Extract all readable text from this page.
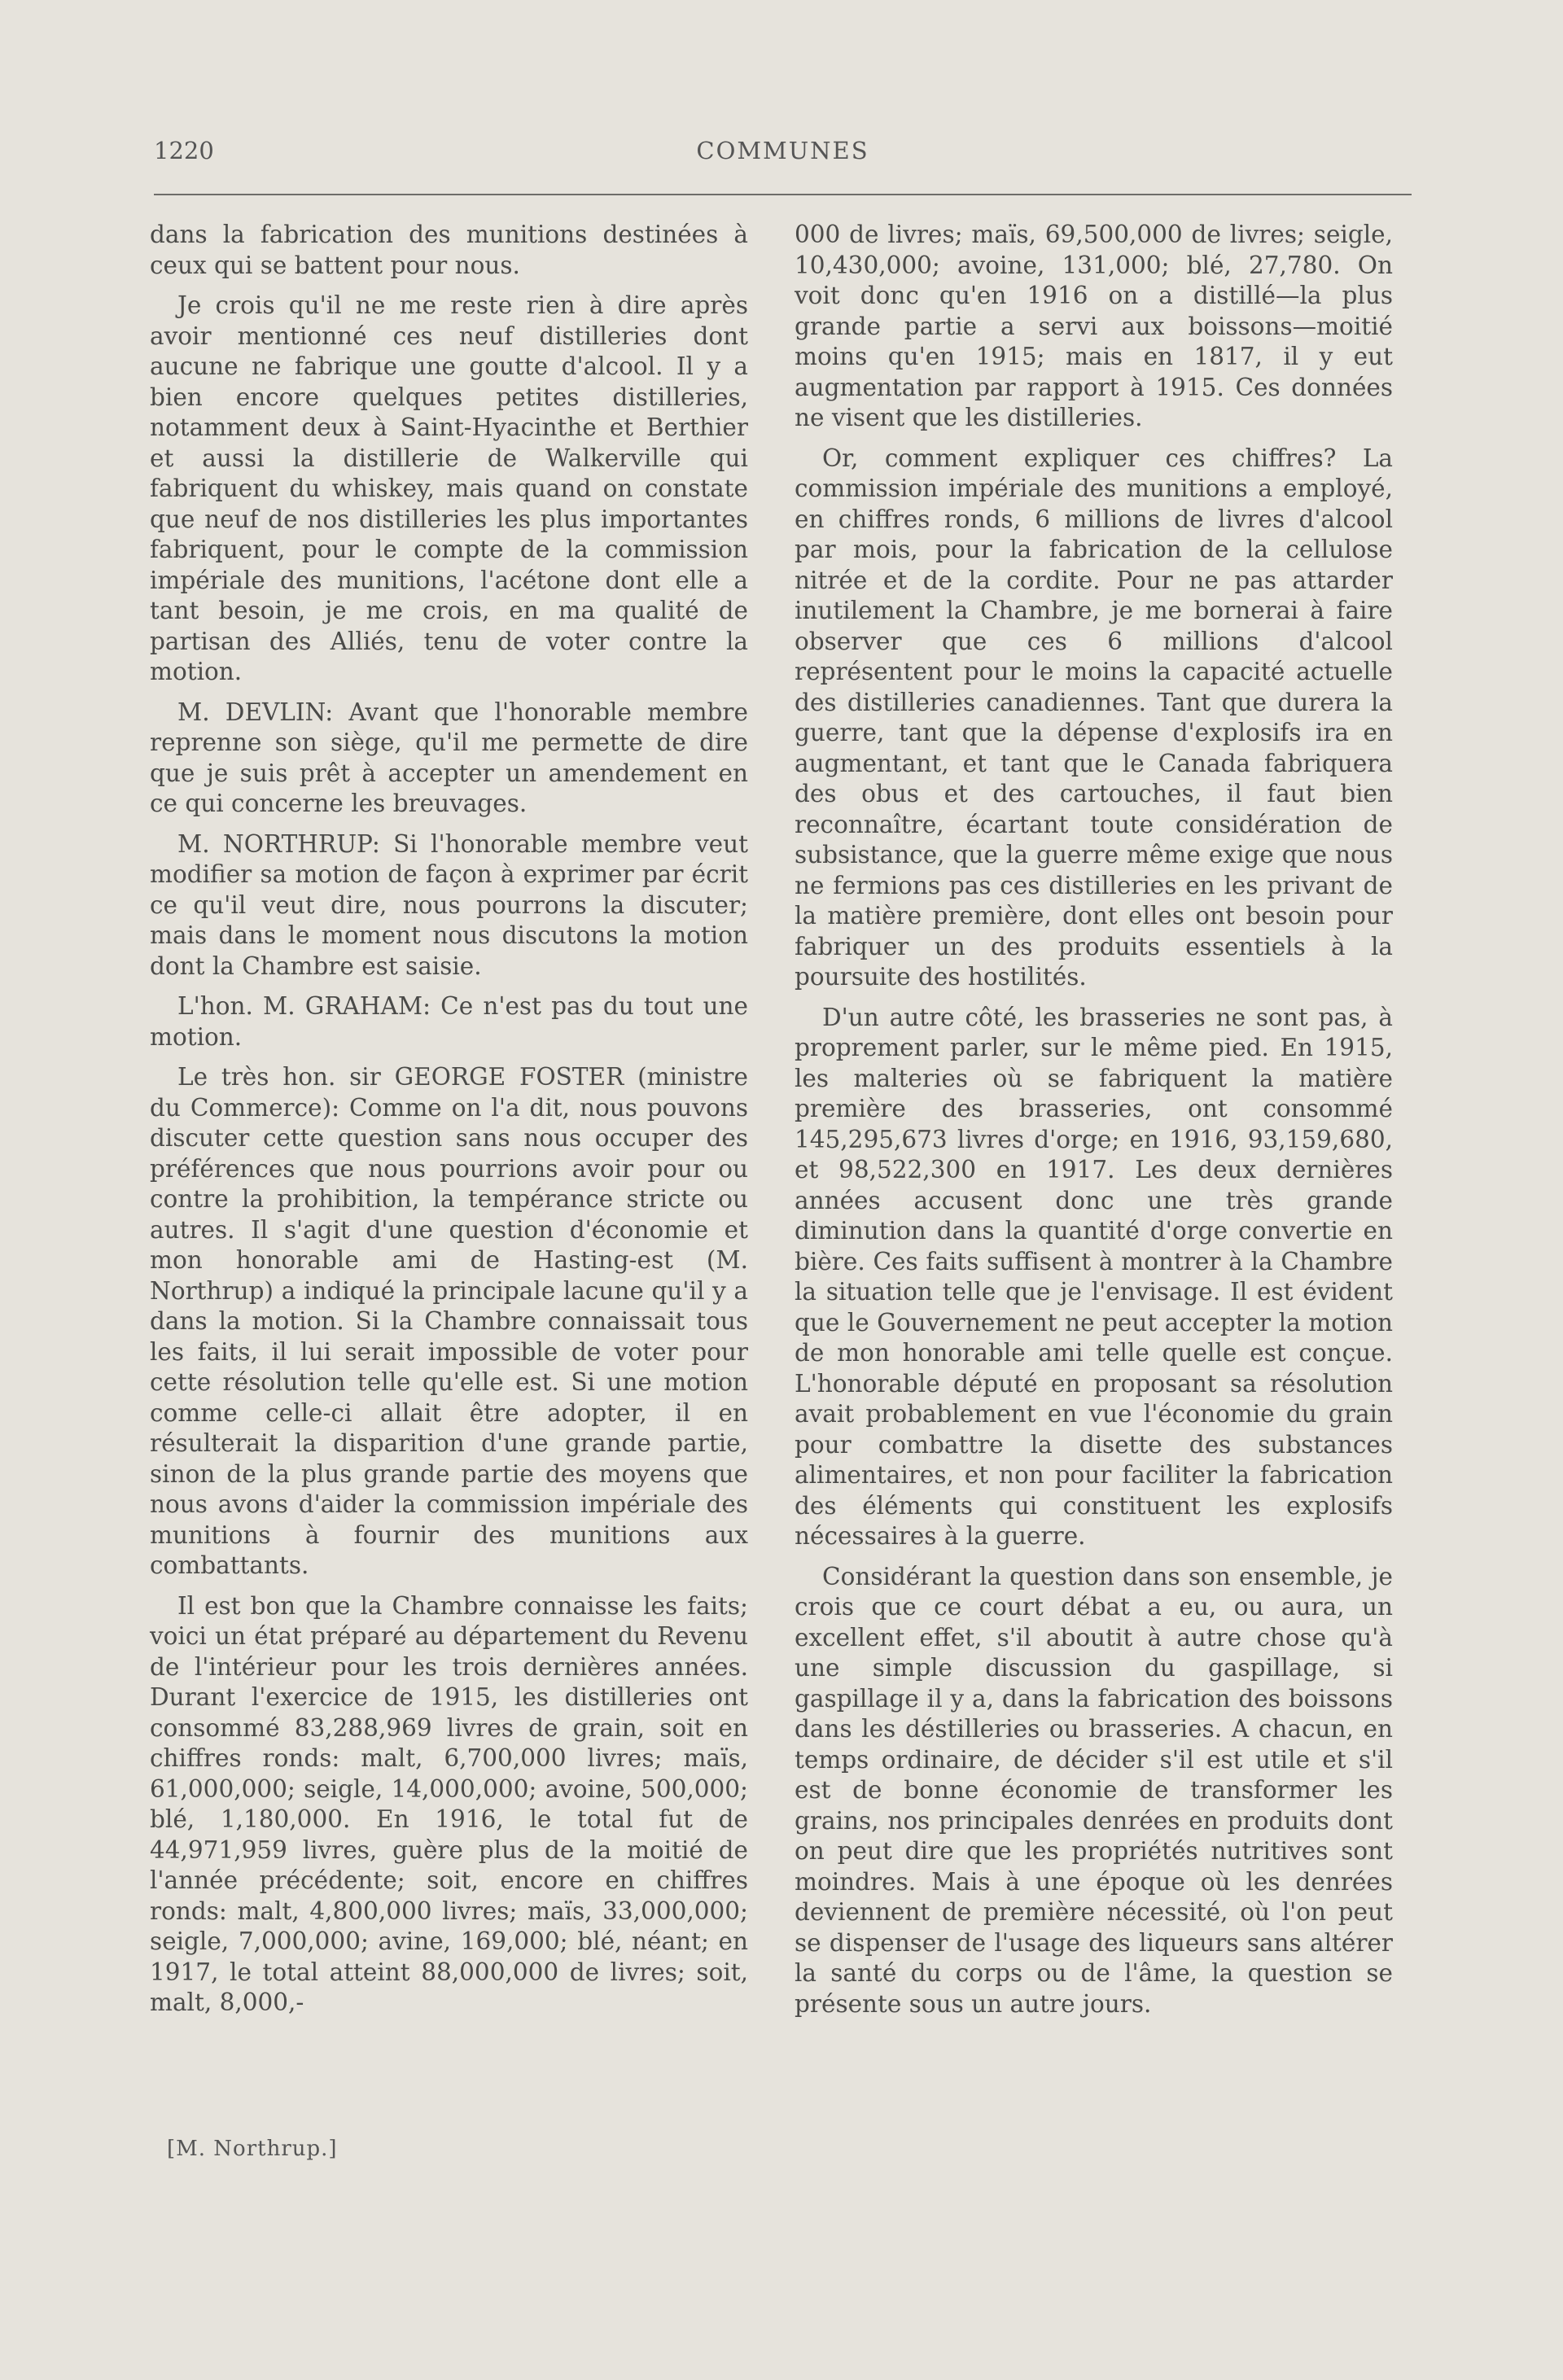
1220	COMMUNES

dans la fabrication des munitions destinées à ceux qui se battent pour nous.

Je crois qu'il ne me reste rien à dire après avoir mentionné ces neuf distilleries dont aucune ne fabrique une goutte d'alcool. Il y a bien encore quelques petites distilleries, notamment deux à Saint-Hyacinthe et Berthier et aussi la distillerie de Walkerville qui fabriquent du whiskey, mais quand on constate que neuf de nos distilleries les plus importantes fabriquent, pour le compte de la commission impériale des munitions, l'acétone dont elle a tant besoin, je me crois, en ma qualité de partisan des Alliés, tenu de voter contre la motion.

M. DEVLIN: Avant que l'honorable membre reprenne son siège, qu'il me permette de dire que je suis prêt à accepter un amendement en ce qui concerne les breuvages.

M. NORTHRUP: Si l'honorable membre veut modifier sa motion de façon à exprimer par écrit ce qu'il veut dire, nous pourrons la discuter; mais dans le moment nous discutons la motion dont la Chambre est saisie.

L'hon. M. GRAHAM: Ce n'est pas du tout une motion.

Le très hon. sir GEORGE FOSTER (ministre du Commerce): Comme on l'a dit, nous pouvons discuter cette question sans nous occuper des préférences que nous pourrions avoir pour ou contre la prohibition, la tempérance stricte ou autres. Il s'agit d'une question d'économie et mon honorable ami de Hasting-est (M. Northrup) a indiqué la principale lacune qu'il y a dans la motion. Si la Chambre connaissait tous les faits, il lui serait impossible de voter pour cette résolution telle qu'elle est. Si une motion comme celle-ci allait être adopter, il en résulterait la disparition d'une grande partie, sinon de la plus grande partie des moyens que nous avons d'aider la commission impériale des munitions à fournir des munitions aux combattants.

Il est bon que la Chambre connaisse les faits; voici un état préparé au département du Revenu de l'intérieur pour les trois dernières années. Durant l'exercice de 1915, les distilleries ont consommé 83,288,969 livres de grain, soit en chiffres ronds: malt, 6,700,000 livres; maïs, 61,000,000; seigle, 14,000,000; avoine, 500,000; blé, 1,180,000. En 1916, le total fut de 44,971,959 livres, guère plus de la moitié de l'année précédente; soit, encore en chiffres ronds: malt, 4,800,000 livres; maïs, 33,000,000; seigle, 7,000,000; avine, 169,000; blé, néant; en 1917, le total atteint 88,000,000 de livres; soit, malt, 8,000,-

000 de livres; maïs, 69,500,000 de livres; seigle, 10,430,000; avoine, 131,000; blé, 27,780. On voit donc qu'en 1916 on a distillé—la plus grande partie a servi aux boissons—moitié moins qu'en 1915; mais en 1817, il y eut augmentation par rapport à 1915. Ces données ne visent que les distilleries.

Or, comment expliquer ces chiffres? La commission impériale des munitions a employé, en chiffres ronds, 6 millions de livres d'alcool par mois, pour la fabrication de la cellulose nitrée et de la cordite. Pour ne pas attarder inutilement la Chambre, je me bornerai à faire observer que ces 6 millions d'alcool représentent pour le moins la capacité actuelle des distilleries canadiennes. Tant que durera la guerre, tant que la dépense d'explosifs ira en augmentant, et tant que le Canada fabriquera des obus et des cartouches, il faut bien reconnaître, écartant toute considération de subsistance, que la guerre même exige que nous ne fermions pas ces distilleries en les privant de la matière première, dont elles ont besoin pour fabriquer un des produits essentiels à la poursuite des hostilités.

D'un autre côté, les brasseries ne sont pas, à proprement parler, sur le même pied. En 1915, les malteries où se fabriquent la matière première des brasseries, ont consommé 145,295,673 livres d'orge; en 1916, 93,159,680, et 98,522,300 en 1917. Les deux dernières années accusent donc une très grande diminution dans la quantité d'orge convertie en bière. Ces faits suffisent à montrer à la Chambre la situation telle que je l'envisage. Il est évident que le Gouvernement ne peut accepter la motion de mon honorable ami telle quelle est conçue. L'honorable député en proposant sa résolution avait probablement en vue l'économie du grain pour combattre la disette des substances alimentaires, et non pour faciliter la fabrication des éléments qui constituent les explosifs nécessaires à la guerre.

Considérant la question dans son ensemble, je crois que ce court débat a eu, ou aura, un excellent effet, s'il aboutit à autre chose qu'à une simple discussion du gaspillage, si gaspillage il y a, dans la fabrication des boissons dans les déstilleries ou brasseries. A chacun, en temps ordinaire, de décider s'il est utile et s'il est de bonne économie de transformer les grains, nos principales denrées en produits dont on peut dire que les propriétés nutritives sont moindres. Mais à une époque où les denrées deviennent de première nécessité, où l'on peut se dispenser de l'usage des liqueurs sans altérer la santé du corps ou de l'âme, la question se présente sous un autre jours.

[M. Northrup.]
